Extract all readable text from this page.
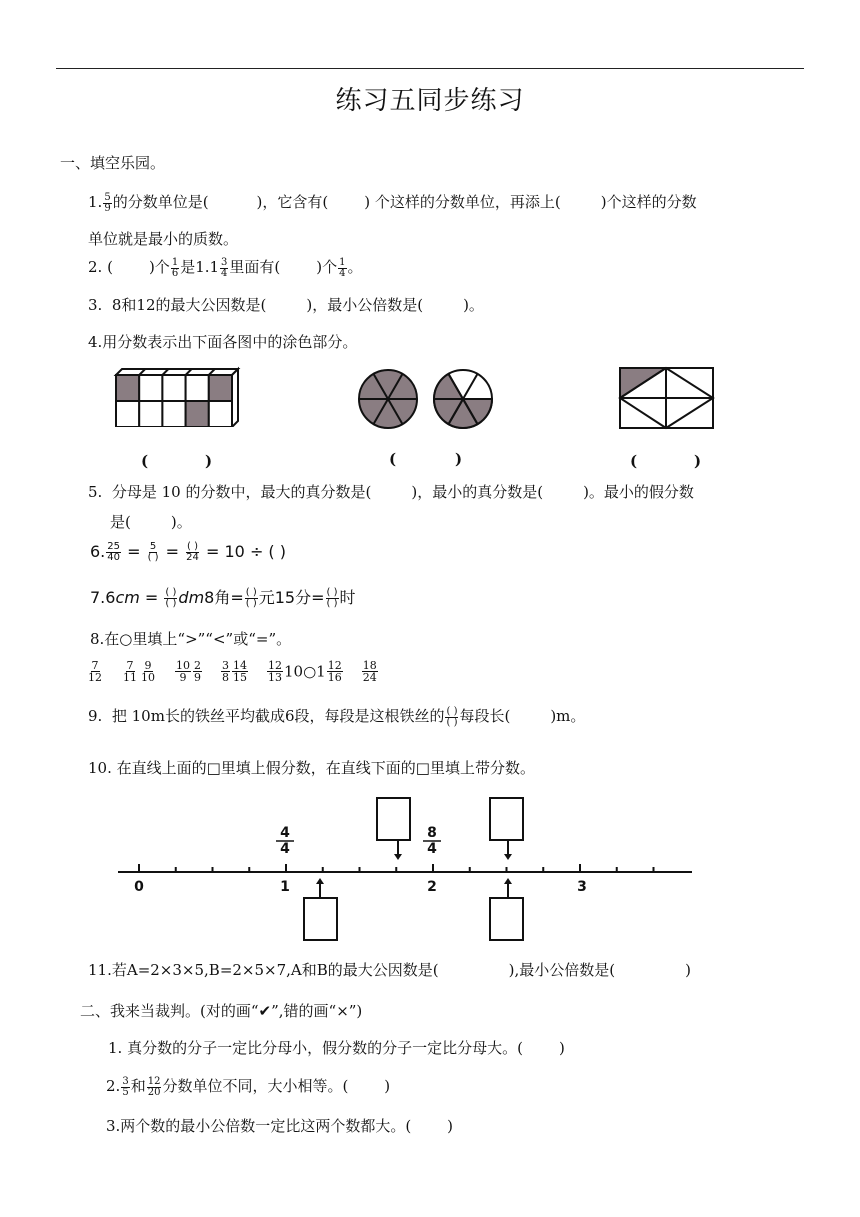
练习五同步练习
一、填空乐园。
1. $\frac{5}{9}$ 的分数单位是(	)，它含有( ) 个这样的分数单位，再添上(	)个这样的分数
单位就是最小的质数。
2. ( )个 $\frac{1}{6}$ 是$1.1 \frac{3}{4}$ 里面有( )个 $\frac{1}{4}$ 。
3. 8和12的最大公因数是(	)，最小公倍数是(	)。
4.用分数表示出下面各图中的涂色部分。
(	)	(	)	(	)
5. 分母是 10 的分数中，最大的真分数是(	)，最小的真分数是(	)。最小的假分数
是(	)。
6. $\frac{25}{40} = \frac{5}{( )} = \frac{( )}{24} = 10$ ÷ ( )
$7.6cm = \frac{( )}{( )} dm8$角= $\frac{( )}{( )}$ 元15分= $\frac{( )}{( )}$ 时
8.在○里填上“>”“<”或“=”。
$\frac{7}{12} \frac{7}{11} \frac{9}{10} \frac{10}{9} \frac{2}{9} \frac{3}{8} \frac{14}{15} \frac{12}{13}$ 10○1 $\frac{12}{16} \frac{18}{24}$
9. 把 10m长的铁丝平均截成6段，每段是这根铁丝的 $\frac{( )}{( )}$ 每段长(	)m。
10. 在直线上面的□里填上假分数，在直线下面的□里填上带分数。
4
4
8
4
0	1	2	3
11.若A=2×3×5,B=2×5×7,A和B的最大公因数是(	),最小公倍数是(	)
二、我来当裁判。(对的画“✔”,错的画“×”)
1. 真分数的分子一定比分母小，假分数的分子一定比分母大。( )
2. $\frac{3}{5}$ 和 $\frac{12}{20}$ 分数单位不同，大小相等。( )
3.两个数的最小公倍数一定比这两个数都大。( )
